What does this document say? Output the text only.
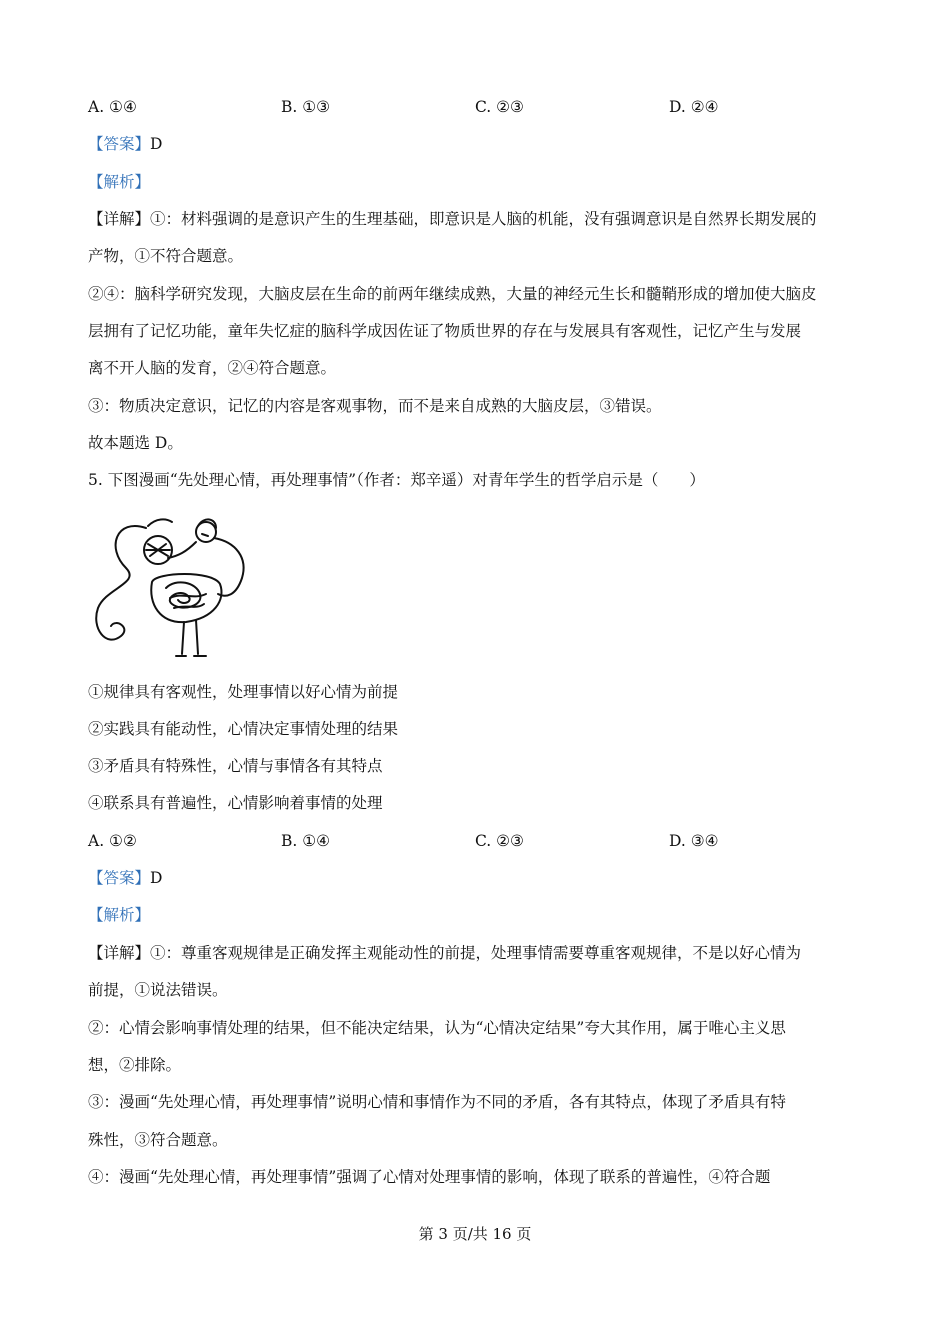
A. ①④	B. ①③	C. ②③	D. ②④
【答案】D
【解析】
【详解】①：材料强调的是意识产生的生理基础，即意识是人脑的机能，没有强调意识是自然界长期发展的
产物，①不符合题意。
②④：脑科学研究发现，大脑皮层在生命的前两年继续成熟，大量的神经元生长和髓鞘形成的增加使大脑皮
层拥有了记忆功能，童年失忆症的脑科学成因佐证了物质世界的存在与发展具有客观性，记忆产生与发展
离不开人脑的发育，②④符合题意。
③：物质决定意识，记忆的内容是客观事物，而不是来自成熟的大脑皮层，③错误。
故本题选 D。
5. 下图漫画“先处理心情，再处理事情”（作者：郑辛遥）对青年学生的哲学启示是（　　）
①规律具有客观性，处理事情以好心情为前提
②实践具有能动性，心情决定事情处理的结果
③矛盾具有特殊性，心情与事情各有其特点
④联系具有普遍性，心情影响着事情的处理
A. ①②	B. ①④	C. ②③	D. ③④
【答案】D
【解析】
【详解】①：尊重客观规律是正确发挥主观能动性的前提，处理事情需要尊重客观规律，不是以好心情为
前提，①说法错误。
②：心情会影响事情处理的结果，但不能决定结果，认为“心情决定结果”夸大其作用，属于唯心主义思
想，②排除。
③：漫画“先处理心情，再处理事情”说明心情和事情作为不同的矛盾，各有其特点，体现了矛盾具有特
殊性，③符合题意。
④：漫画“先处理心情，再处理事情”强调了心情对处理事情的影响，体现了联系的普遍性，④符合题
第 3 页/共 16 页
